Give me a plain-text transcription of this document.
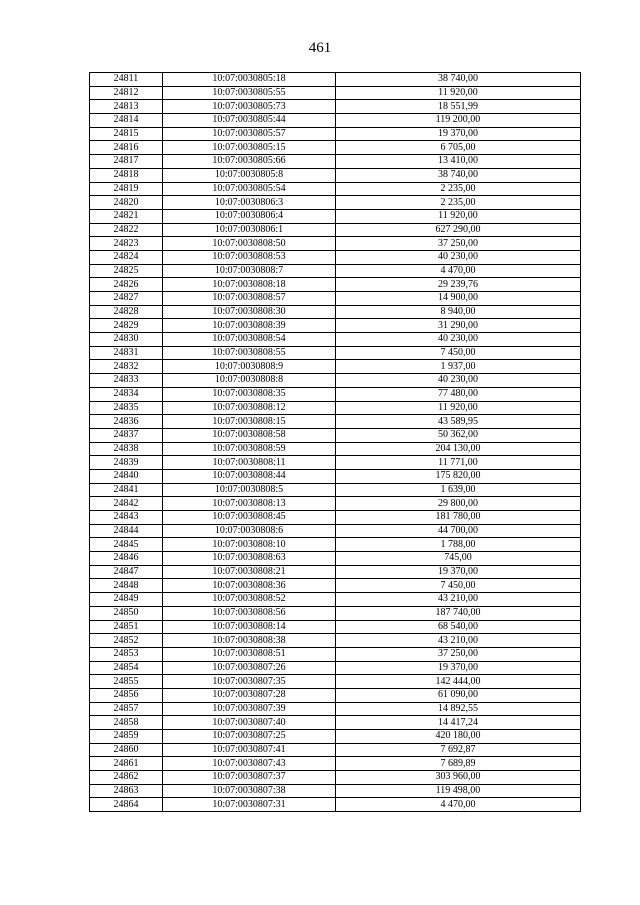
461
24811	10:07:0030805:18	38 740,00
24812	10:07:0030805:55	11 920,00
24813	10:07:0030805:73	18 551,99
24814	10:07:0030805:44	119 200,00
24815	10:07:0030805:57	19 370,00
24816	10:07:0030805:15	6 705,00
24817	10:07:0030805:66	13 410,00
24818	10:07:0030805:8	38 740,00
24819	10:07:0030805:54	2 235,00
24820	10:07:0030806:3	2 235,00
24821	10:07:0030806:4	11 920,00
24822	10:07:0030806:1	627 290,00
24823	10:07:0030808:50	37 250,00
24824	10:07:0030808:53	40 230,00
24825	10:07:0030808:7	4 470,00
24826	10:07:0030808:18	29 239,76
24827	10:07:0030808:57	14 900,00
24828	10:07:0030808:30	8 940,00
24829	10:07:0030808:39	31 290,00
24830	10:07:0030808:54	40 230,00
24831	10:07:0030808:55	7 450,00
24832	10:07:0030808:9	1 937,00
24833	10:07:0030808:8	40 230,00
24834	10:07:0030808:35	77 480,00
24835	10:07:0030808:12	11 920,00
24836	10:07:0030808:15	43 589,95
24837	10:07:0030808:58	50 362,00
24838	10:07:0030808:59	204 130,00
24839	10:07:0030808:11	11 771,00
24840	10:07:0030808:44	175 820,00
24841	10:07:0030808:5	1 639,00
24842	10:07:0030808:13	29 800,00
24843	10:07:0030808:45	181 780,00
24844	10:07:0030808:6	44 700,00
24845	10:07:0030808:10	1 788,00
24846	10:07:0030808:63	745,00
24847	10:07:0030808:21	19 370,00
24848	10:07:0030808:36	7 450,00
24849	10:07:0030808:52	43 210,00
24850	10:07:0030808:56	187 740,00
24851	10:07:0030808:14	68 540,00
24852	10:07:0030808:38	43 210,00
24853	10:07:0030808:51	37 250,00
24854	10:07:0030807:26	19 370,00
24855	10:07:0030807:35	142 444,00
24856	10:07:0030807:28	61 090,00
24857	10:07:0030807:39	14 892,55
24858	10:07:0030807:40	14 417,24
24859	10:07:0030807:25	420 180,00
24860	10:07:0030807:41	7 692,87
24861	10:07:0030807:43	7 689,89
24862	10:07:0030807:37	303 960,00
24863	10:07:0030807:38	119 498,00
24864	10:07:0030807:31	4 470,00
